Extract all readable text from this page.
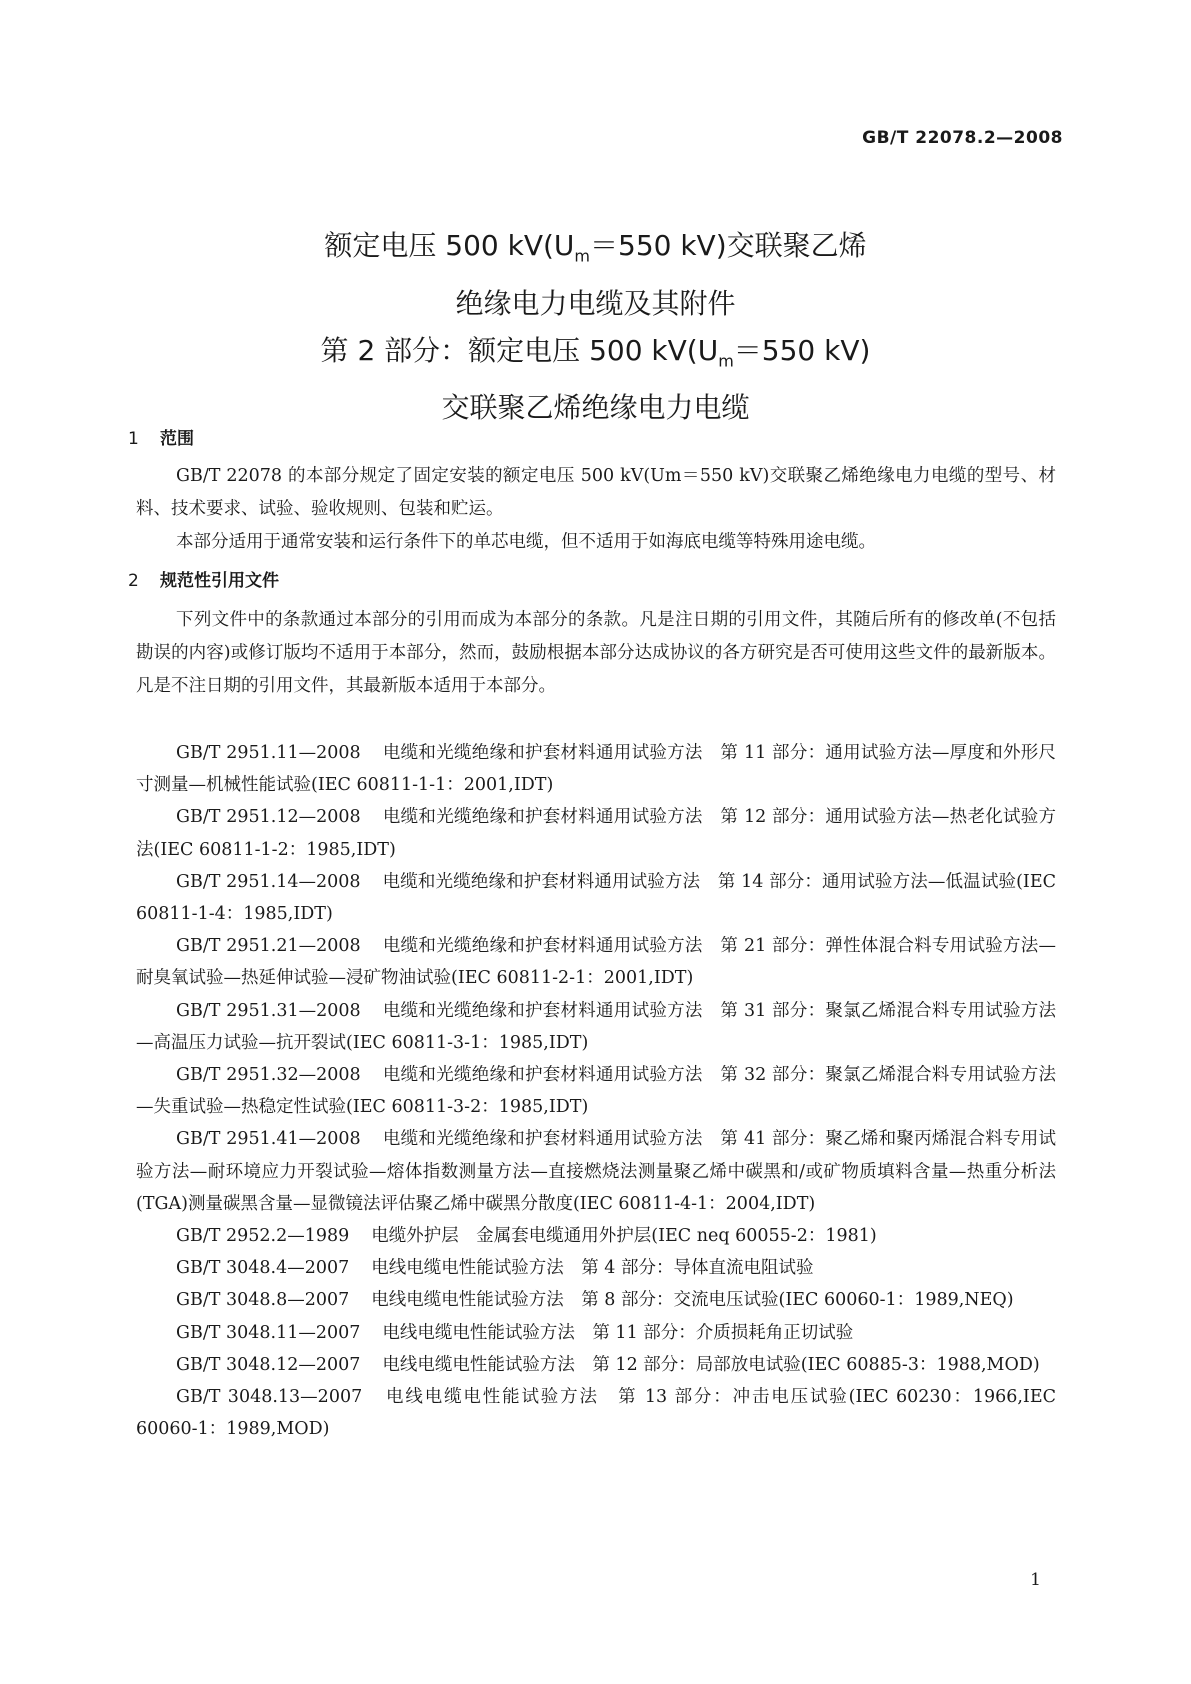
GB/T 22078.2—2008
额定电压 500 $kV(U_m=550$ kV)交联聚乙烯
绝缘电力电缆及其附件
第 2 部分：额定电压 500 $kV(U_m=550$ kV)
交联聚乙烯绝缘电力电缆
1 范围

GB/T 22078 的本部分规定了固定安装的额定电压 500 kV(Um＝550 kV)交联聚乙烯绝缘电力电缆的型号、材料、技术要求、试验、验收规则、包装和贮运。

本部分适用于通常安装和运行条件下的单芯电缆，但不适用于如海底电缆等特殊用途电缆。

2 规范性引用文件

下列文件中的条款通过本部分的引用而成为本部分的条款。凡是注日期的引用文件，其随后所有的修改单(不包括勘误的内容)或修订版均不适用于本部分，然而，鼓励根据本部分达成协议的各方研究是否可使用这些文件的最新版本。凡是不注日期的引用文件，其最新版本适用于本部分。

GB/T 2951.11—2008 电缆和光缆绝缘和护套材料通用试验方法　第 11 部分：通用试验方法—厚度和外形尺寸测量—机械性能试验(IEC 60811-1-1：2001,IDT)

GB/T 2951.12—2008 电缆和光缆绝缘和护套材料通用试验方法　第 12 部分：通用试验方法—热老化试验方法(IEC 60811-1-2：1985,IDT)

GB/T 2951.14—2008 电缆和光缆绝缘和护套材料通用试验方法　第 14 部分：通用试验方法—低温试验(IEC 60811-1-4：1985,IDT)

GB/T 2951.21—2008 电缆和光缆绝缘和护套材料通用试验方法　第 21 部分：弹性体混合料专用试验方法—耐臭氧试验—热延伸试验—浸矿物油试验(IEC 60811-2-1：2001,IDT)

GB/T 2951.31—2008 电缆和光缆绝缘和护套材料通用试验方法　第 31 部分：聚氯乙烯混合料专用试验方法—高温压力试验—抗开裂试(IEC 60811-3-1：1985,IDT)

GB/T 2951.32—2008 电缆和光缆绝缘和护套材料通用试验方法　第 32 部分：聚氯乙烯混合料专用试验方法—失重试验—热稳定性试验(IEC 60811-3-2：1985,IDT)

GB/T 2951.41—2008 电缆和光缆绝缘和护套材料通用试验方法　第 41 部分：聚乙烯和聚丙烯混合料专用试验方法—耐环境应力开裂试验—熔体指数测量方法—直接燃烧法测量聚乙烯中碳黑和/或矿物质填料含量—热重分析法(TGA)测量碳黑含量—显微镜法评估聚乙烯中碳黑分散度(IEC 60811-4-1：2004,IDT)

GB/T 2952.2—1989 电缆外护层　金属套电缆通用外护层(IEC neq 60055-2：1981)

GB/T 3048.4—2007 电线电缆电性能试验方法　第 4 部分：导体直流电阻试验

GB/T 3048.8—2007 电线电缆电性能试验方法　第 8 部分：交流电压试验(IEC 60060-1：1989,NEQ)

GB/T 3048.11—2007 电线电缆电性能试验方法　第 11 部分：介质损耗角正切试验

GB/T 3048.12—2007 电线电缆电性能试验方法　第 12 部分：局部放电试验(IEC 60885-3：1988,MOD)

GB/T 3048.13—2007 电线电缆电性能试验方法　第 13 部分：冲击电压试验(IEC 60230：1966,IEC 60060-1：1989,MOD)

1
